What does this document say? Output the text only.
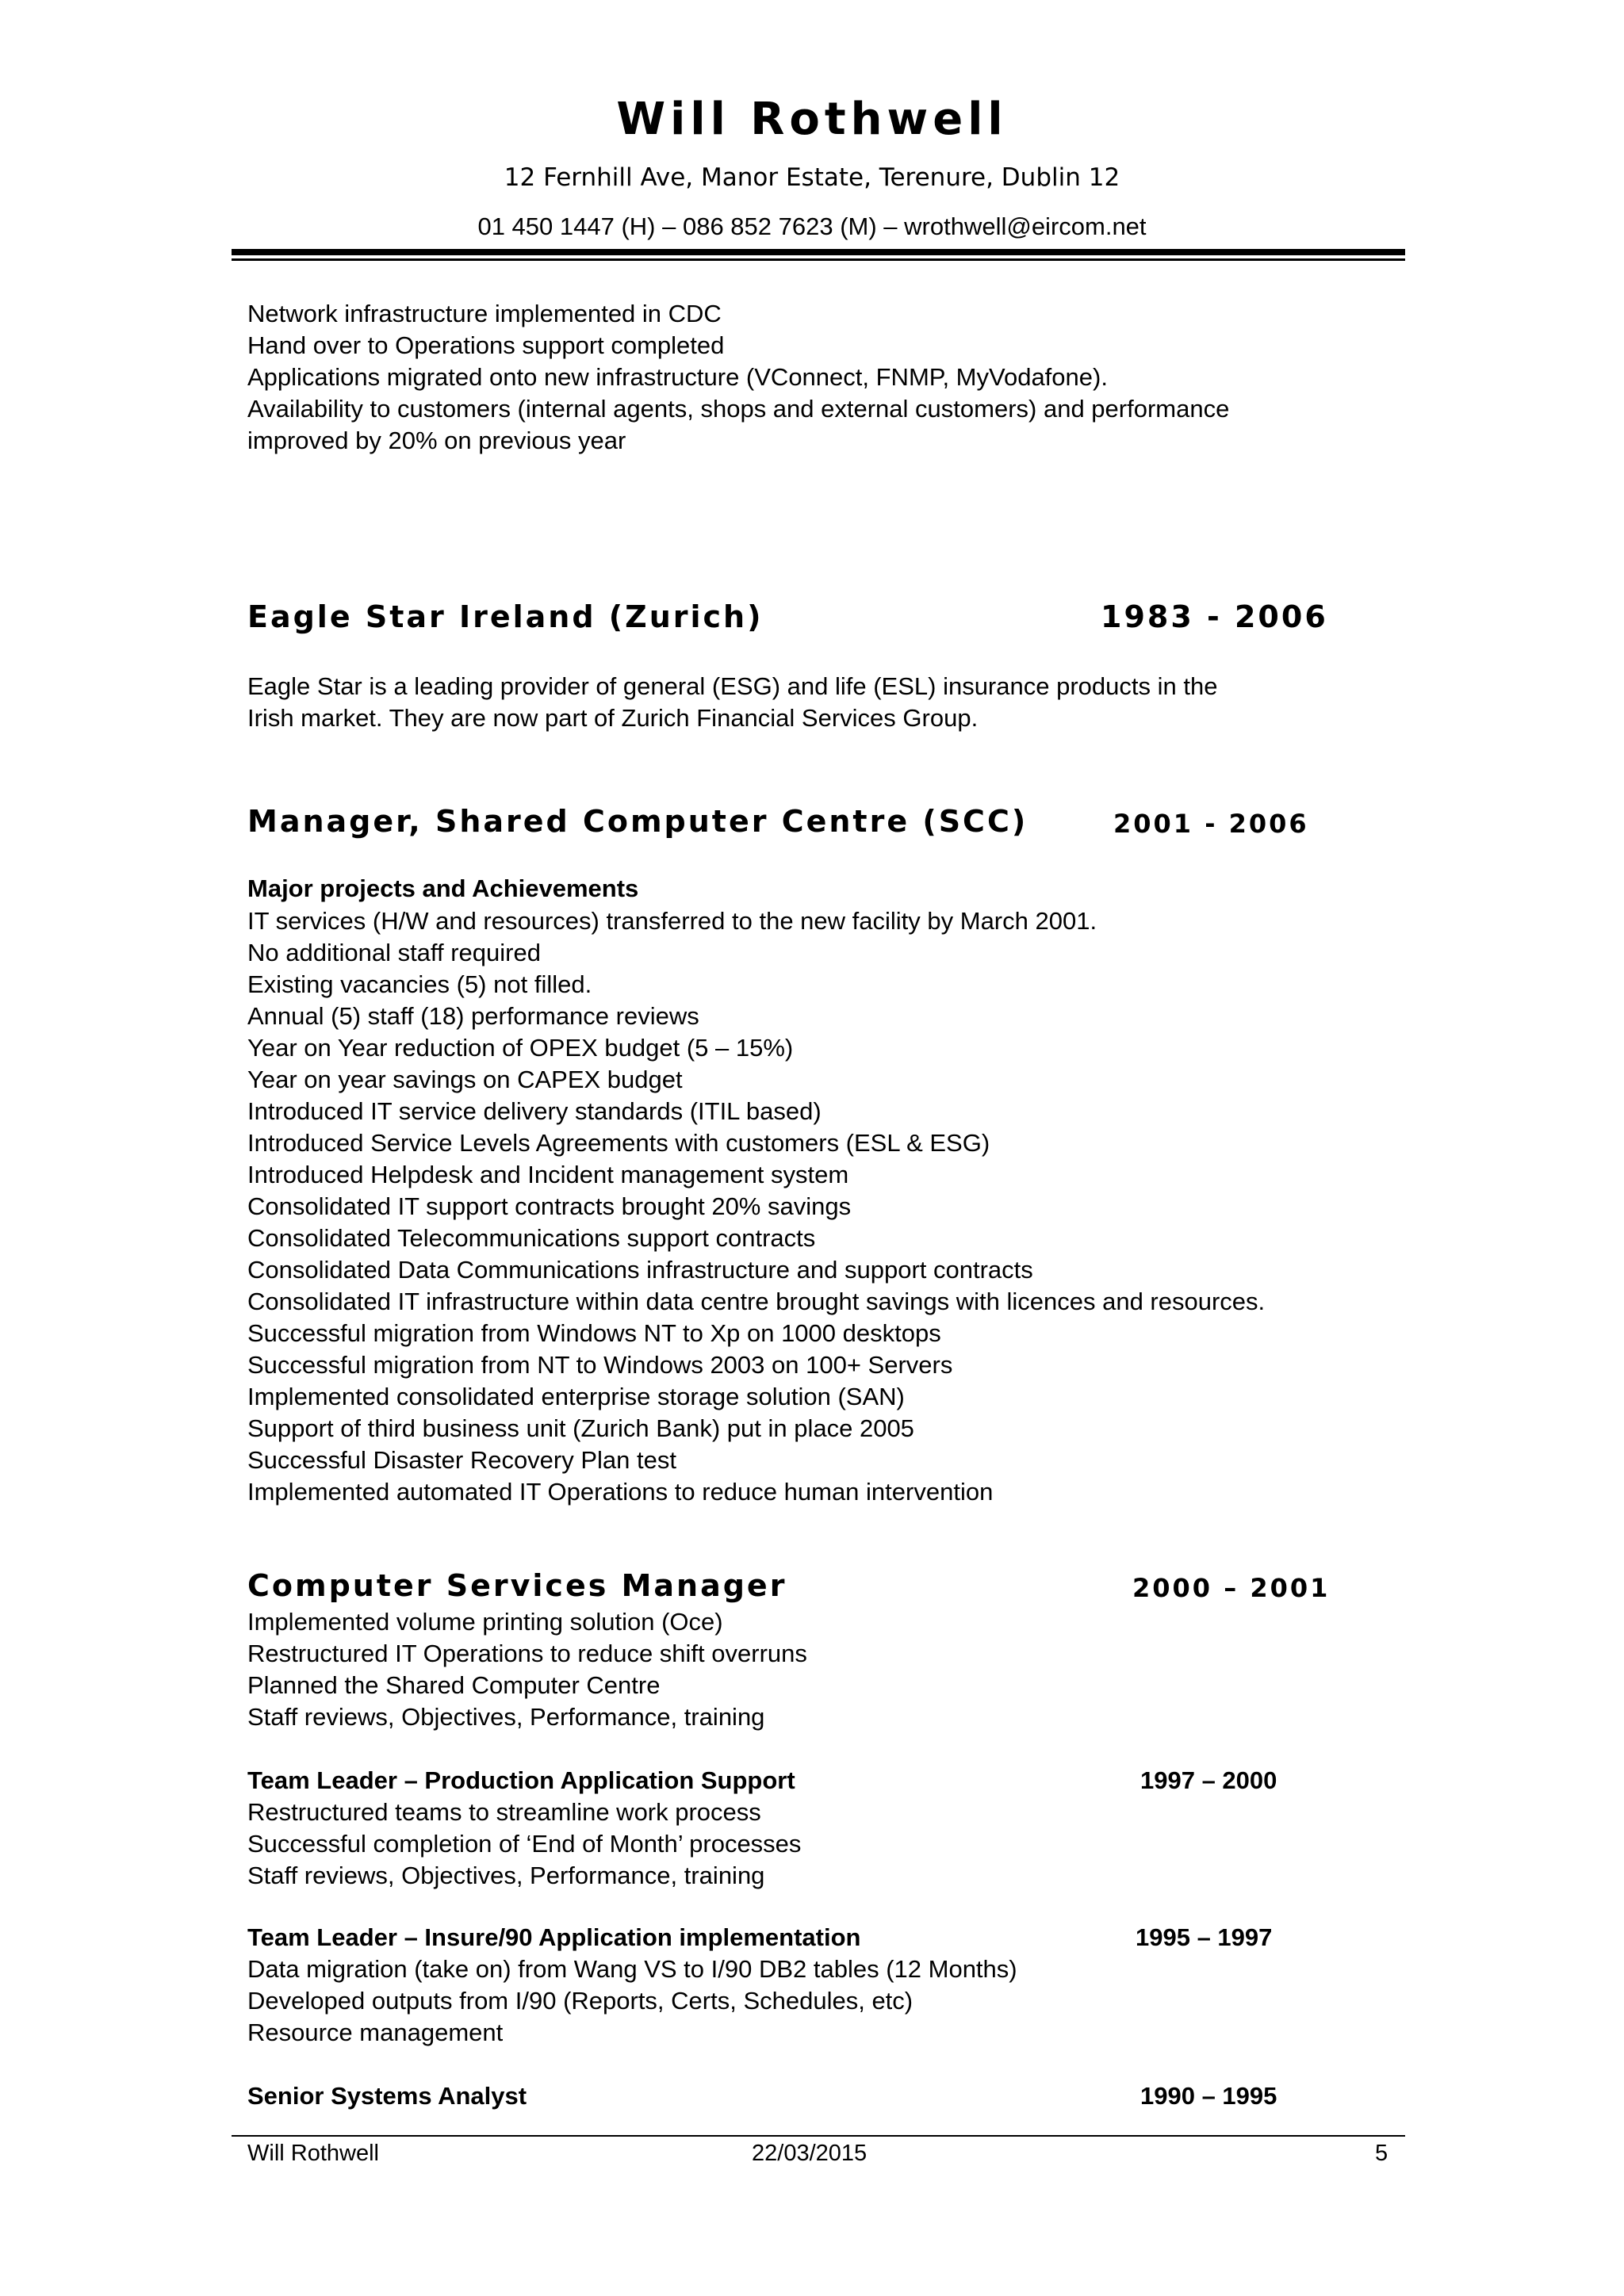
Will Rothwell
12 Fernhill Ave, Manor Estate, Terenure, Dublin 12
01 450 1447 (H) – 086 852 7623 (M) – wrothwell@eircom.net
Network infrastructure implemented in CDC
Hand over to Operations support completed
Applications migrated onto new infrastructure (VConnect, FNMP, MyVodafone).
Availability to customers (internal agents, shops and external customers) and performance
improved by 20% on previous year
Eagle Star Ireland (Zurich)	1983 - 2006
Eagle Star is a leading provider of general (ESG) and life (ESL) insurance products in the
Irish market. They are now part of Zurich Financial Services Group.
Manager, Shared Computer Centre (SCC)	2001 - 2006
Major projects and Achievements
IT services (H/W and resources) transferred to the new facility by March 2001.
No additional staff required
Existing vacancies (5) not filled.
Annual (5) staff (18) performance reviews
Year on Year reduction of OPEX budget (5 – 15%)
Year on year savings on CAPEX budget
Introduced IT service delivery standards (ITIL based)
Introduced Service Levels Agreements with customers (ESL & ESG)
Introduced Helpdesk and Incident management system
Consolidated IT support contracts brought 20% savings
Consolidated Telecommunications support contracts
Consolidated Data Communications infrastructure and support contracts
Consolidated IT infrastructure within data centre brought savings with licences and resources.
Successful migration from Windows NT to Xp on 1000 desktops
Successful migration from NT to Windows 2003 on 100+ Servers
Implemented consolidated enterprise storage solution (SAN)
Support of third business unit (Zurich Bank) put in place 2005
Successful Disaster Recovery Plan test
Implemented automated IT Operations to reduce human intervention
Computer Services Manager	2000 – 2001
Implemented volume printing solution (Oce)
Restructured IT Operations to reduce shift overruns
Planned the Shared Computer Centre
Staff reviews, Objectives, Performance, training
Team Leader – Production Application Support	1997 – 2000
Restructured teams to streamline work process
Successful completion of ‘End of Month’ processes
Staff reviews, Objectives, Performance, training
Team Leader – Insure/90 Application implementation	1995 – 1997
Data migration (take on) from Wang VS to I/90 DB2 tables (12 Months)
Developed outputs from I/90 (Reports, Certs, Schedules, etc)
Resource management
Senior Systems Analyst	1990 – 1995
Will Rothwell	22/03/2015	5
